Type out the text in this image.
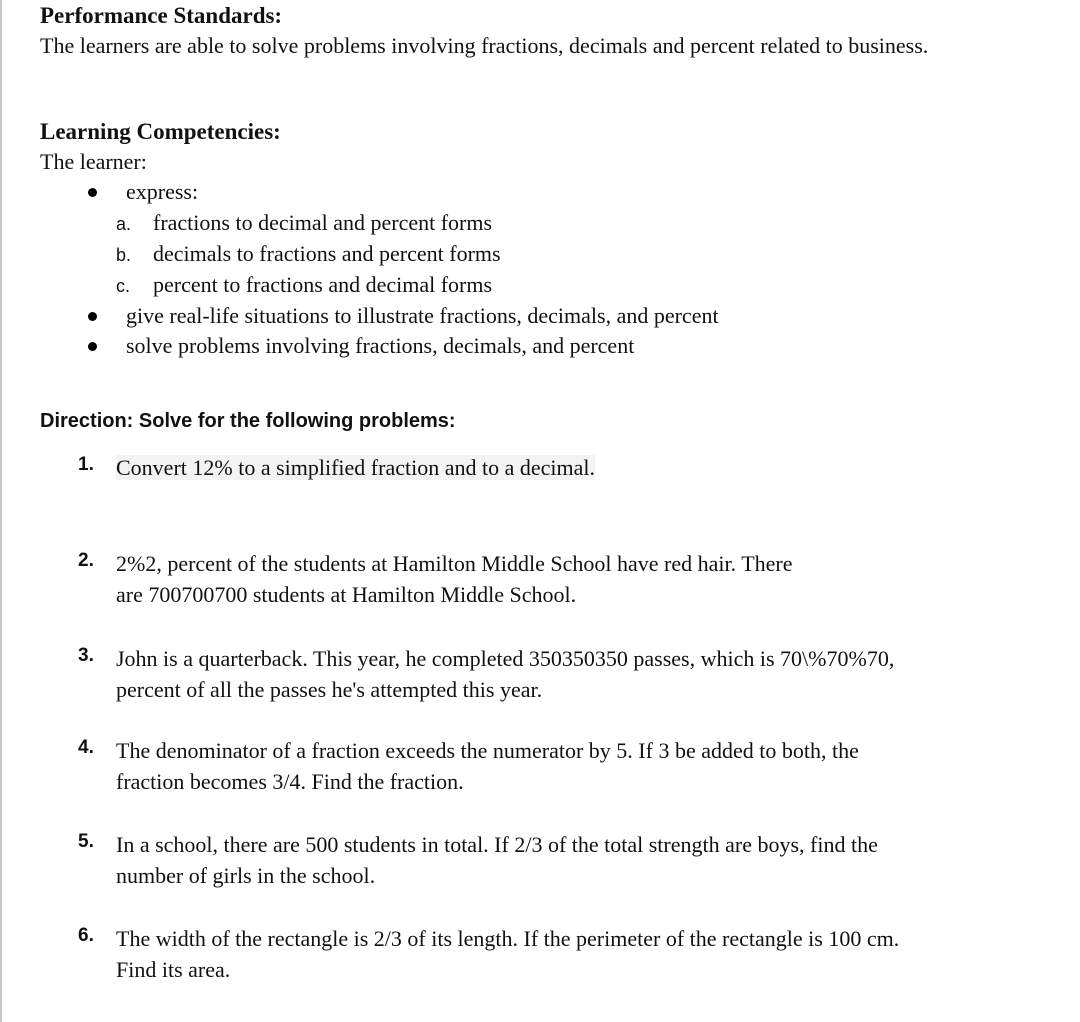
Performance Standards:
The learners are able to solve problems involving fractions, decimals and percent related to business.
Learning Competencies:
The learner:
express:
a. fractions to decimal and percent forms
b. decimals to fractions and percent forms
c. percent to fractions and decimal forms
give real-life situations to illustrate fractions, decimals, and percent
solve problems involving fractions, decimals, and percent
Direction: Solve for the following problems:
1. Convert 12% to a simplified fraction and to a decimal.
2. 2%2, percent of the students at Hamilton Middle School have red hair. There
are 700700700 students at Hamilton Middle School.
3. John is a quarterback. This year, he completed 350350350 passes, which is 70\%70%70,
percent of all the passes he's attempted this year.
4. The denominator of a fraction exceeds the numerator by 5. If 3 be added to both, the
fraction becomes 3/4. Find the fraction.
5. In a school, there are 500 students in total. If 2/3 of the total strength are boys, find the
number of girls in the school.
6. The width of the rectangle is 2/3 of its length. If the perimeter of the rectangle is 100 cm.
Find its area.
